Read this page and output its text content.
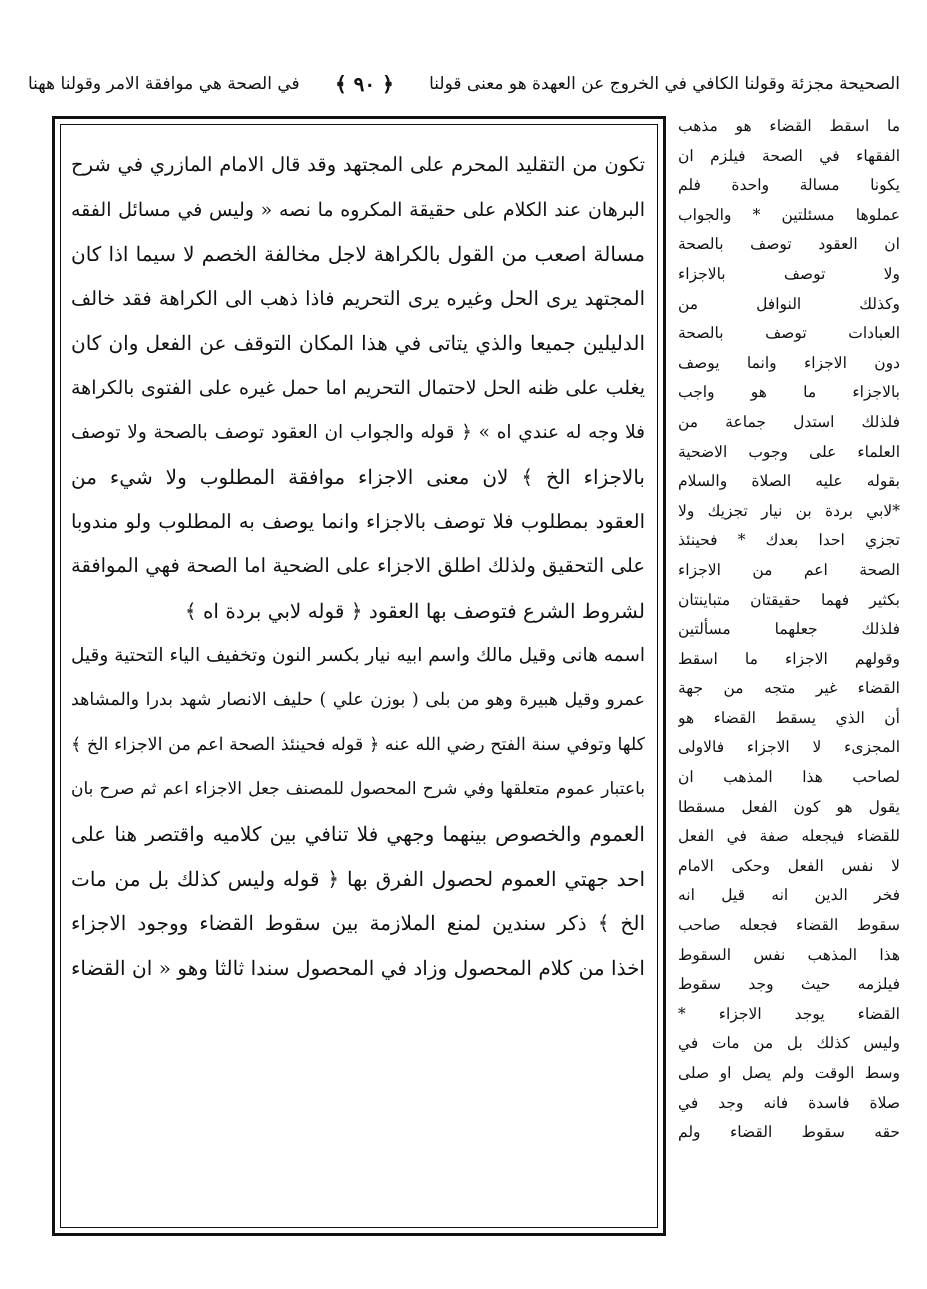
الصحيحة مجزئة وقولنا الكافي في الخروج عن العهدة هو معنى قولنا
﴿ ٩٠ ﴾
في الصحة هي موافقة الامر وقولنا ههنا
ما اسقط القضاء هو مذهب
الفقهاء في الصحة فيلزم ان
يكونا مسالة واحدة فلم
عملوها مسئلتين * والجواب
ان العقود توصف بالصحة
ولا توصف بالاجزاء
وكذلك النوافل من
العبادات توصف بالصحة
دون الاجزاء وانما يوصف
بالاجزاء ما هو واجب
فلذلك استدل جماعة من
العلماء على وجوب الاضحية
بقوله عليه الصلاة والسلام
*لابي بردة بن نيار تجزيك ولا
تجزي احدا بعدك * فحينئذ
الصحة اعم من الاجزاء
بكثير فهما حقيقتان متباينتان
فلذلك جعلهما مسألتين
وقولهم الاجزاء ما اسقط
القضاء غير متجه من جهة
أن الذي يسقط القضاء هو
المجزىء لا الاجزاء فالاولى
لصاحب هذا المذهب ان
يقول هو كون الفعل مسقطا
للقضاء فيجعله صفة في الفعل
لا نفس الفعل وحكى الامام
فخر الدين انه قيل انه
سقوط القضاء فجعله صاحب
هذا المذهب نفس السقوط
فيلزمه حيث وجد سقوط
القضاء يوجد الاجزاء *
وليس كذلك بل من مات في
وسط الوقت ولم يصل او صلى
صلاة فاسدة فانه وجد في
حقه سقوط القضاء ولم
تكون من التقليد المحرم على المجتهد وقد قال الامام المازري في شرح
البرهان عند الكلام على حقيقة المكروه ما نصه « وليس في مسائل الفقه
مسالة اصعب من القول بالكراهة لاجل مخالفة الخصم لا سيما اذا كان
المجتهد يرى الحل وغيره يرى التحريم فاذا ذهب الى الكراهة فقد خالف
الدليلين جميعا والذي يتاتى في هذا المكان التوقف عن الفعل وان كان
يغلب على ظنه الحل لاحتمال التحريم اما حمل غيره على الفتوى بالكراهة
فلا وجه له عندي اه » ﴿ قوله والجواب ان العقود توصف بالصحة ولا توصف
بالاجزاء الخ ﴾ لان معنى الاجزاء موافقة المطلوب ولا شيء من
العقود بمطلوب فلا توصف بالاجزاء وانما يوصف به المطلوب ولو مندوبا
على التحقيق ولذلك اطلق الاجزاء على الضحية اما الصحة فهي الموافقة
لشروط الشرع فتوصف بها العقود ﴿ قوله لابي بردة اه ﴾
اسمه هانى وقيل مالك واسم ابيه نيار بكسر النون وتخفيف الياء التحتية وقيل
عمرو وقيل هبيرة وهو من بلى ( بوزن علي ) حليف الانصار شهد بدرا والمشاهد
كلها وتوفي سنة الفتح رضي الله عنه ﴿ قوله فحينئذ الصحة اعم من الاجزاء الخ ﴾
باعتبار عموم متعلقها وفي شرح المحصول للمصنف جعل الاجزاء اعم ثم صرح بان
العموم والخصوص بينهما وجهي فلا تنافي بين كلاميه واقتصر هنا على
احد جهتي العموم لحصول الفرق بها ﴿ قوله وليس كذلك بل من مات
الخ ﴾ ذكر سندين لمنع الملازمة بين سقوط القضاء ووجود الاجزاء
اخذا من كلام المحصول وزاد في المحصول سندا ثالثا وهو « ان القضاء
